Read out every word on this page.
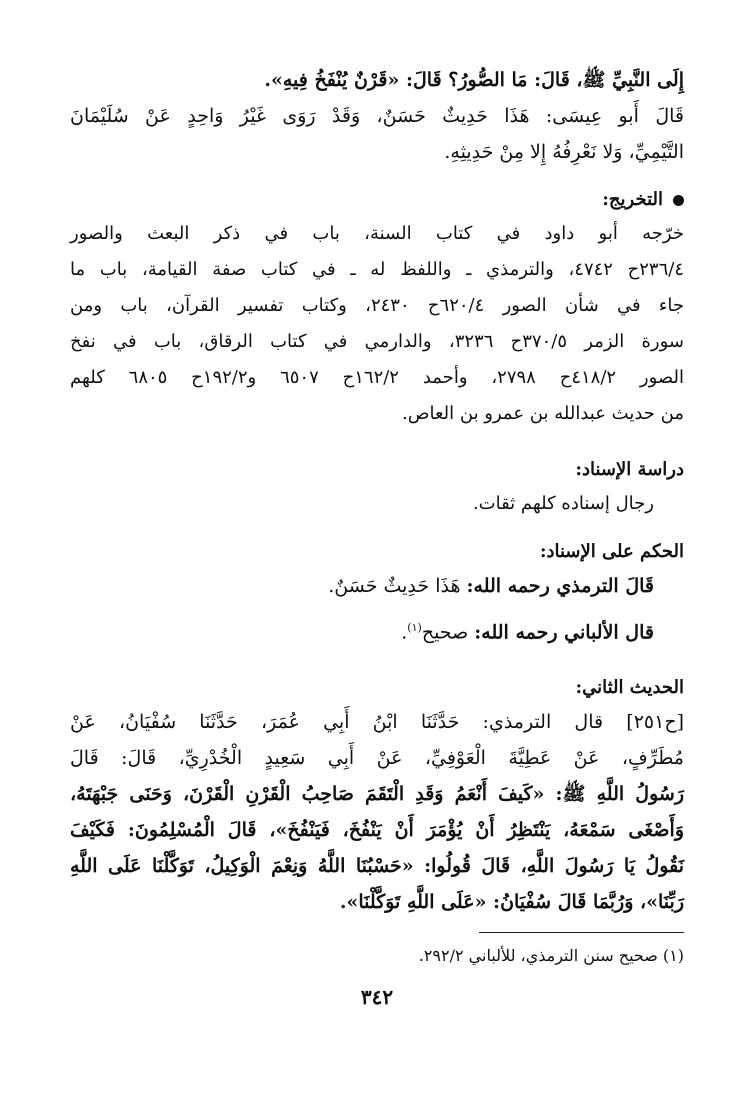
إِلَى النَّبِيِّ ﷺ، قَالَ: مَا الصُّورُ؟ قَالَ: «قَرْنٌ يُنْفَخُ فِيهِ».
قَالَ أَبو عِيسَى: هَذَا حَدِيثٌ حَسَنٌ، وَقَدْ رَوَى غَيْرُ وَاحِدٍ عَنْ سُلَيْمَانَ
التَّيْمِيِّ، وَلا نَعْرِفُهُ إِلا مِنْ حَدِيثِهِ.
التخريج:
خرّجه أبو داود في كتاب السنة، باب في ذكر البعث والصور
٢٣٦/٤ح ٤٧٤٢، والترمذي ـ واللفظ له ـ في كتاب صفة القيامة، باب ما
جاء في شأن الصور ٦٢٠/٤ح ٢٤٣٠، وكتاب تفسير القرآن، باب ومن
سورة الزمر ٣٧٠/٥ح ٣٢٣٦، والدارمي في كتاب الرقاق، باب في نفخ
الصور ٤١٨/٢ح ٢٧٩٨، وأحمد ١٦٢/٢ح ٦٥٠٧ و١٩٢/٢ح ٦٨٠٥ كلهم
من حديث عبدالله بن عمرو بن العاص.
دراسة الإسناد:
رجال إسناده كلهم ثقات.
الحكم على الإسناد:
قَالَ الترمذي رحمه الله: هَذَا حَدِيثٌ حَسَنٌ.
قال الألباني رحمه الله: صحيح$^{(١)}$.
الحديث الثاني:
[ح٢٥١] قال الترمذي: حَدَّثَنَا ابْنُ أَبِي عُمَرَ، حَدَّثَنَا سُفْيَانُ، عَنْ
مُطَرِّفٍ، عَنْ عَطِيَّةَ الْعَوْفِيِّ، عَنْ أَبِي سَعِيدٍ الْخُدْرِيِّ، قَالَ: قَالَ
رَسُولُ اللَّهِ ﷺ: «كَيفَ أَنْعَمُ وَقَدِ الْتَقَمَ صَاحِبُ الْقَرْنِ الْقَرْنَ، وَحَنَى جَبْهَتَهُ،
وَأَصْغَى سَمْعَهُ، يَنْتَظِرُ أَنْ يُؤْمَرَ أَنْ يَنْفُخَ، فَيَنْفُخَ»، قَالَ الْمُسْلِمُونَ: فَكَيْفَ
نَقُولُ يَا رَسُولَ اللَّهِ، قَالَ قُولُوا: «حَسْبُنَا اللَّهُ وَنِعْمَ الْوَكِيلُ، تَوَكَّلْنَا عَلَى اللَّهِ
رَبِّنَا»، وَرُبَّمَا قَالَ سُفْيَانُ: «عَلَى اللَّهِ تَوَكَّلْنَا».
(١) صحيح سنن الترمذي، للألباني ٢٩٢/٢.
٣٤٢
